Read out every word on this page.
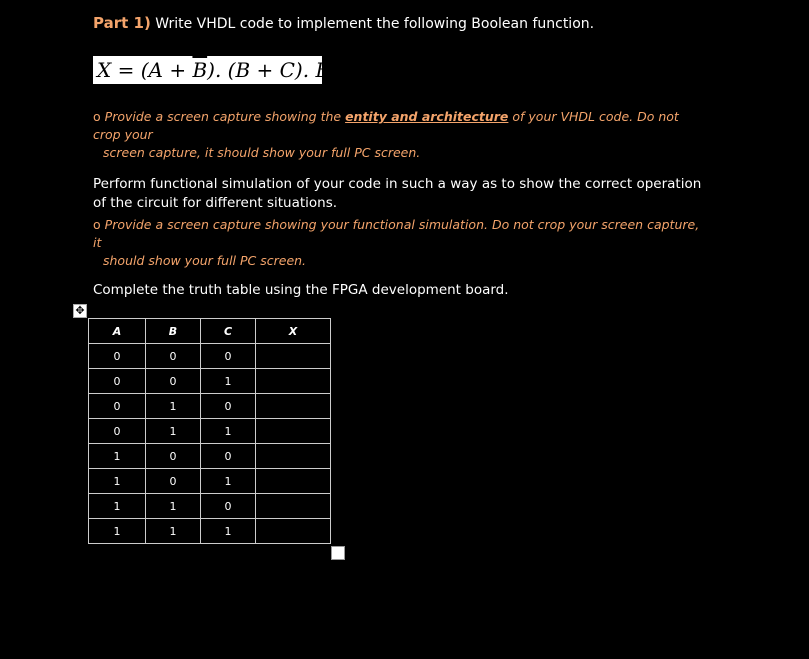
Part 1) Write VHDL code to implement the following Boolean function.
$X = (A + \overline{B})$. (B + C). B
o Provide a screen capture showing the entity and architecture of your VHDL code. Do not crop your
screen capture, it should show your full PC screen.
Perform functional simulation of your code in such a way as to show the correct operation of the circuit for different situations.
o Provide a screen capture showing your functional simulation. Do not crop your screen capture, it
should show your full PC screen.
Complete the truth table using the FPGA development board.
✥
A	B	C	X
0	0	0	
0	0	1	
0	1	0	
0	1	1	
1	0	0	
1	0	1	
1	1	0	
1	1	1	
